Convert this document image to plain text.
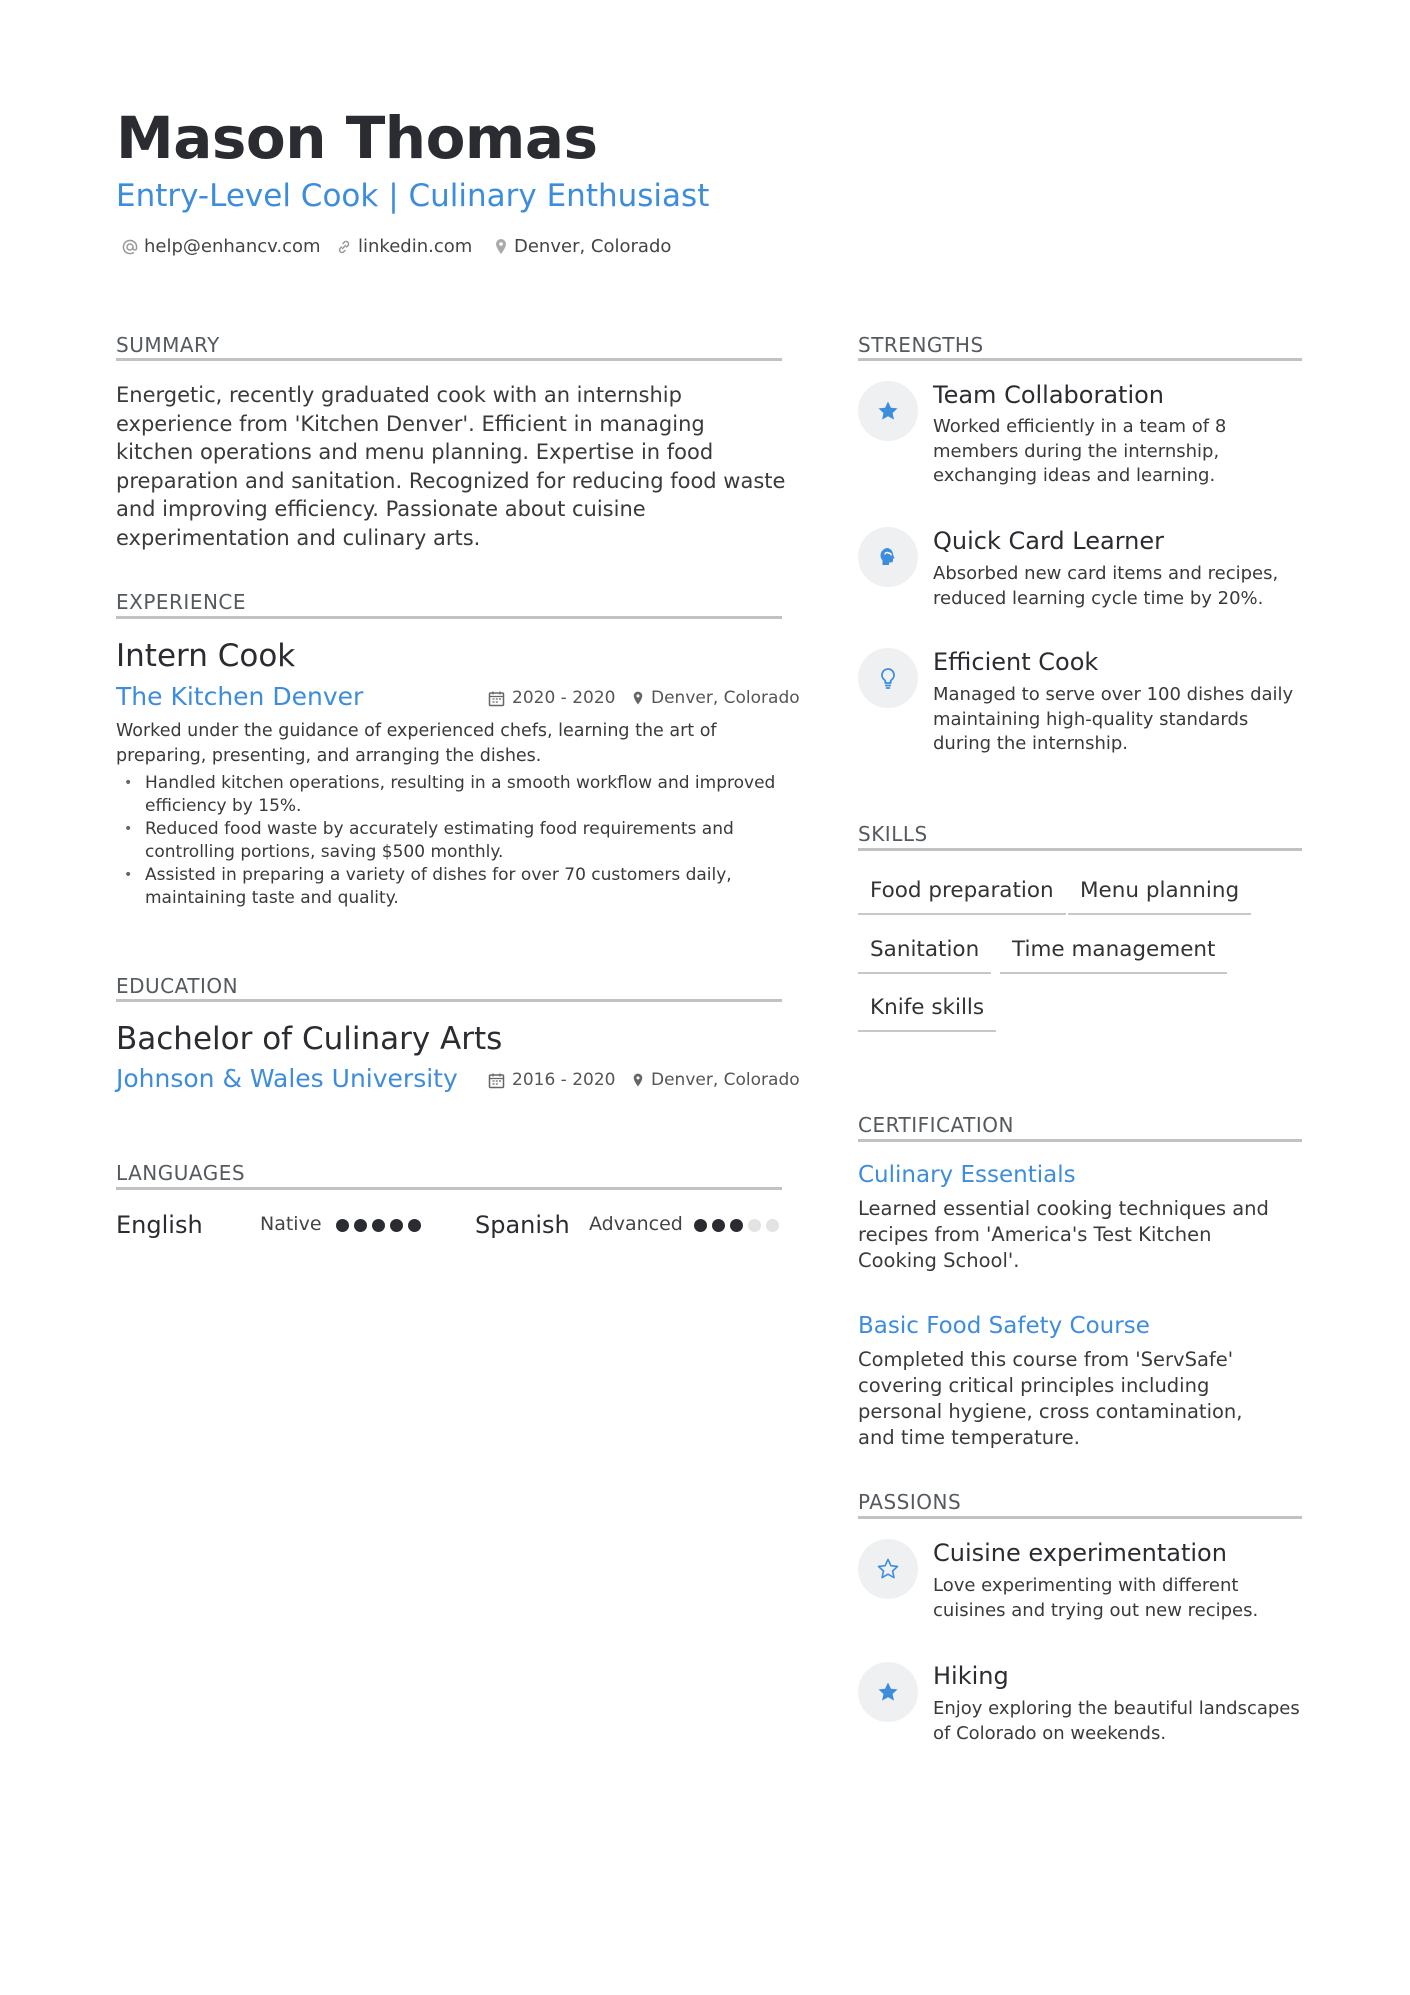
Mason Thomas
Entry-Level Cook | Culinary Enthusiast
help@enhancv.com linkedin.com Denver, Colorado
SUMMARY
Energetic, recently graduated cook with an internship experience from 'Kitchen Denver'. Efficient in managing kitchen operations and menu planning. Expertise in food preparation and sanitation. Recognized for reducing food waste and improving efficiency. Passionate about cuisine experimentation and culinary arts.
EXPERIENCE
Intern Cook
The Kitchen Denver	2020 - 2020 Denver, Colorado
Worked under the guidance of experienced chefs, learning the art of preparing, presenting, and arranging the dishes.
• Handled kitchen operations, resulting in a smooth workflow and improved efficiency by 15%.
• Reduced food waste by accurately estimating food requirements and controlling portions, saving $500 monthly.
• Assisted in preparing a variety of dishes for over 70 customers daily, maintaining taste and quality.
EDUCATION
Bachelor of Culinary Arts
Johnson & Wales University	2016 - 2020 Denver, Colorado
LANGUAGES
English	Native	Spanish Advanced
STRENGTHS
Team Collaboration
Worked efficiently in a team of 8 members during the internship, exchanging ideas and learning.
Quick Card Learner
Absorbed new card items and recipes, reduced learning cycle time by 20%.
Efficient Cook
Managed to serve over 100 dishes daily maintaining high-quality standards during the internship.
SKILLS
Food preparation	Menu planning
Sanitation	Time management
Knife skills
CERTIFICATION
Culinary Essentials
Learned essential cooking techniques and recipes from 'America's Test Kitchen Cooking School'.
Basic Food Safety Course
Completed this course from 'ServSafe' covering critical principles including personal hygiene, cross contamination, and time temperature.
PASSIONS
Cuisine experimentation
Love experimenting with different cuisines and trying out new recipes.
Hiking
Enjoy exploring the beautiful landscapes of Colorado on weekends.
